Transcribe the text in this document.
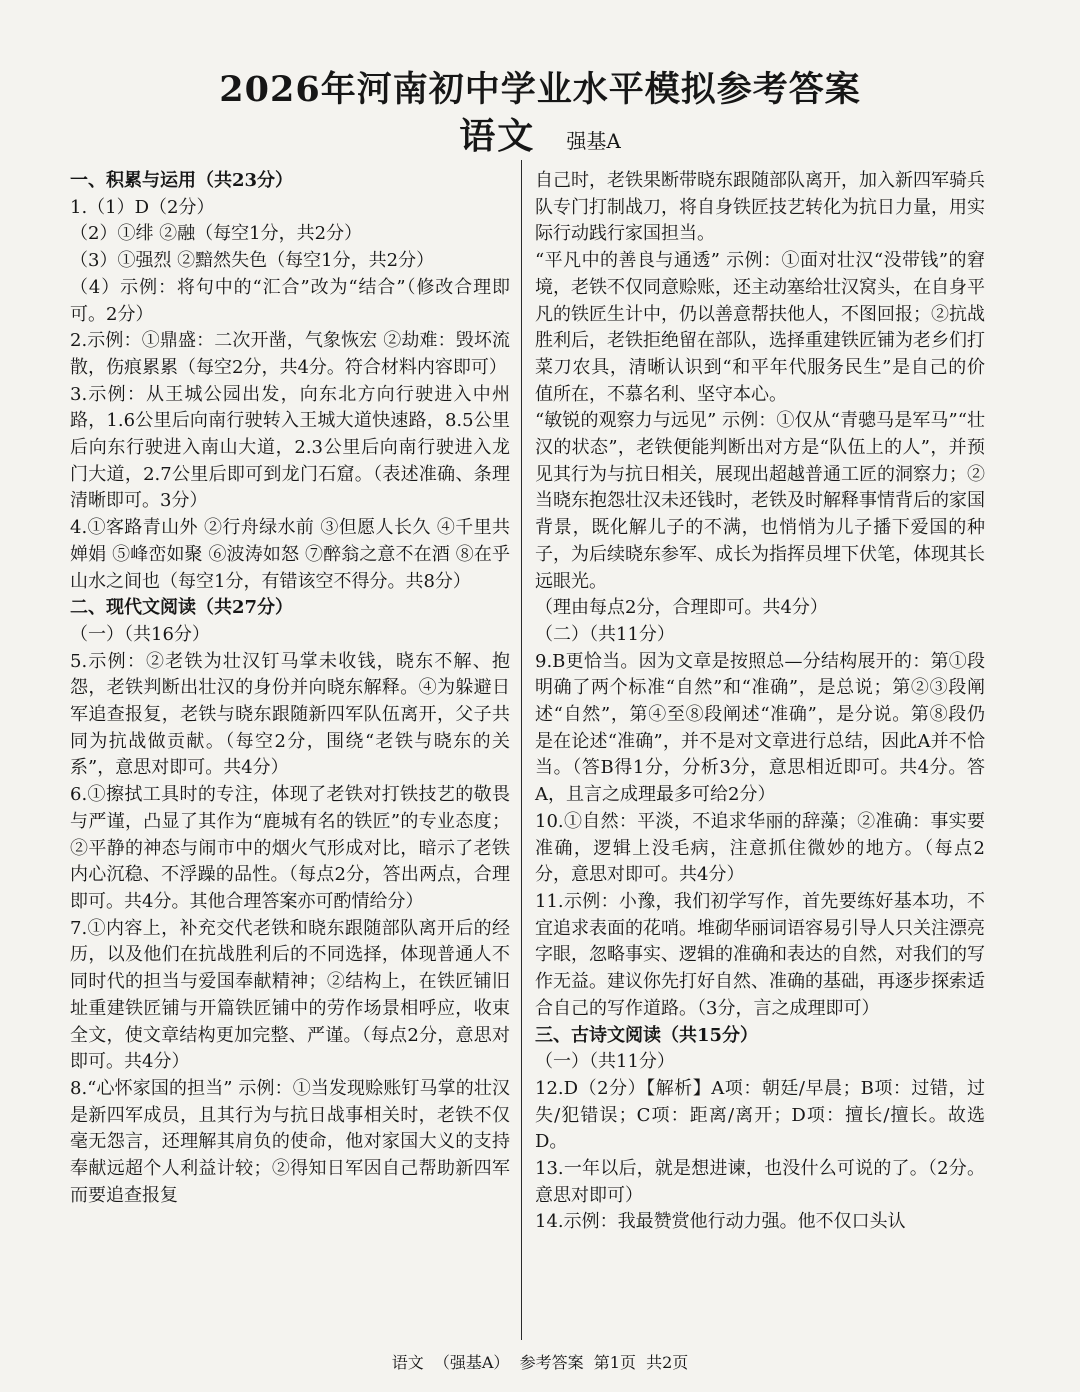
2026年河南初中学业水平模拟参考答案
语文 强基A

一、积累与运用（共23分）

1.（1）D（2分）

（2）①绯 ②融（每空1分，共2分）

（3）①强烈 ②黯然失色（每空1分，共2分）

（4）示例：将句中的“汇合”改为“结合”（修改合理即可。2分）

2.示例：①鼎盛：二次开凿，气象恢宏 ②劫难：毁坏流散，伤痕累累（每空2分，共4分。符合材料内容即可）

3.示例：从王城公园出发，向东北方向行驶进入中州路，1.6公里后向南行驶转入王城大道快速路，8.5公里后向东行驶进入南山大道，2.3公里后向南行驶进入龙门大道，2.7公里后即可到龙门石窟。（表述准确、条理清晰即可。3分）

4.①客路青山外 ②行舟绿水前 ③但愿人长久 ④千里共婵娟 ⑤峰峦如聚 ⑥波涛如怒 ⑦醉翁之意不在酒 ⑧在乎山水之间也（每空1分，有错该空不得分。共8分）

二、现代文阅读（共27分）

（一）（共16分）

5.示例：②老铁为壮汉钉马掌未收钱，晓东不解、抱怨，老铁判断出壮汉的身份并向晓东解释。④为躲避日军追查报复，老铁与晓东跟随新四军队伍离开，父子共同为抗战做贡献。（每空2分，围绕“老铁与晓东的关系”，意思对即可。共4分）

6.①擦拭工具时的专注，体现了老铁对打铁技艺的敬畏与严谨，凸显了其作为“鹿城有名的铁匠”的专业态度；②平静的神态与闹市中的烟火气形成对比，暗示了老铁内心沉稳、不浮躁的品性。（每点2分，答出两点，合理即可。共4分。其他合理答案亦可酌情给分）

7.①内容上，补充交代老铁和晓东跟随部队离开后的经历，以及他们在抗战胜利后的不同选择，体现普通人不同时代的担当与爱国奉献精神；②结构上，在铁匠铺旧址重建铁匠铺与开篇铁匠铺中的劳作场景相呼应，收束全文，使文章结构更加完整、严谨。（每点2分，意思对即可。共4分）

8.“心怀家国的担当” 示例：①当发现赊账钉马掌的壮汉是新四军成员，且其行为与抗日战事相关时，老铁不仅毫无怨言，还理解其肩负的使命，他对家国大义的支持奉献远超个人利益计较；②得知日军因自己帮助新四军而要追查报复

自己时，老铁果断带晓东跟随部队离开，加入新四军骑兵队专门打制战刀，将自身铁匠技艺转化为抗日力量，用实际行动践行家国担当。

“平凡中的善良与通透” 示例：①面对壮汉“没带钱”的窘境，老铁不仅同意赊账，还主动塞给壮汉窝头，在自身平凡的铁匠生计中，仍以善意帮扶他人，不图回报；②抗战胜利后，老铁拒绝留在部队，选择重建铁匠铺为老乡们打菜刀农具，清晰认识到“和平年代服务民生”是自己的价值所在，不慕名利、坚守本心。

“敏锐的观察力与远见” 示例：①仅从“青骢马是军马”“壮汉的状态”，老铁便能判断出对方是“队伍上的人”，并预见其行为与抗日相关，展现出超越普通工匠的洞察力；②当晓东抱怨壮汉未还钱时，老铁及时解释事情背后的家国背景，既化解儿子的不满，也悄悄为儿子播下爱国的种子，为后续晓东参军、成长为指挥员埋下伏笔，体现其长远眼光。

（理由每点2分，合理即可。共4分）

（二）（共11分）

9.B更恰当。因为文章是按照总—分结构展开的：第①段明确了两个标准“自然”和“准确”，是总说；第②③段阐述“自然”，第④至⑧段阐述“准确”，是分说。第⑧段仍是在论述“准确”，并不是对文章进行总结，因此A并不恰当。（答B得1分，分析3分，意思相近即可。共4分。答A，且言之成理最多可给2分）

10.①自然：平淡，不追求华丽的辞藻；②准确：事实要准确，逻辑上没毛病，注意抓住微妙的地方。（每点2分，意思对即可。共4分）

11.示例：小豫，我们初学写作，首先要练好基本功，不宜追求表面的花哨。堆砌华丽词语容易引导人只关注漂亮字眼，忽略事实、逻辑的准确和表达的自然，对我们的写作无益。建议你先打好自然、准确的基础，再逐步探索适合自己的写作道路。（3分，言之成理即可）

三、古诗文阅读（共15分）

（一）（共11分）

12.D（2分）【解析】A项：朝廷/早晨；B项：过错，过失/犯错误；C项：距离/离开；D项：擅长/擅长。故选D。

13.一年以后，就是想进谏，也没什么可说的了。（2分。意思对即可）

14.示例：我最赞赏他行动力强。他不仅口头认

语文  （强基A）  参考答案  第1页  共2页
